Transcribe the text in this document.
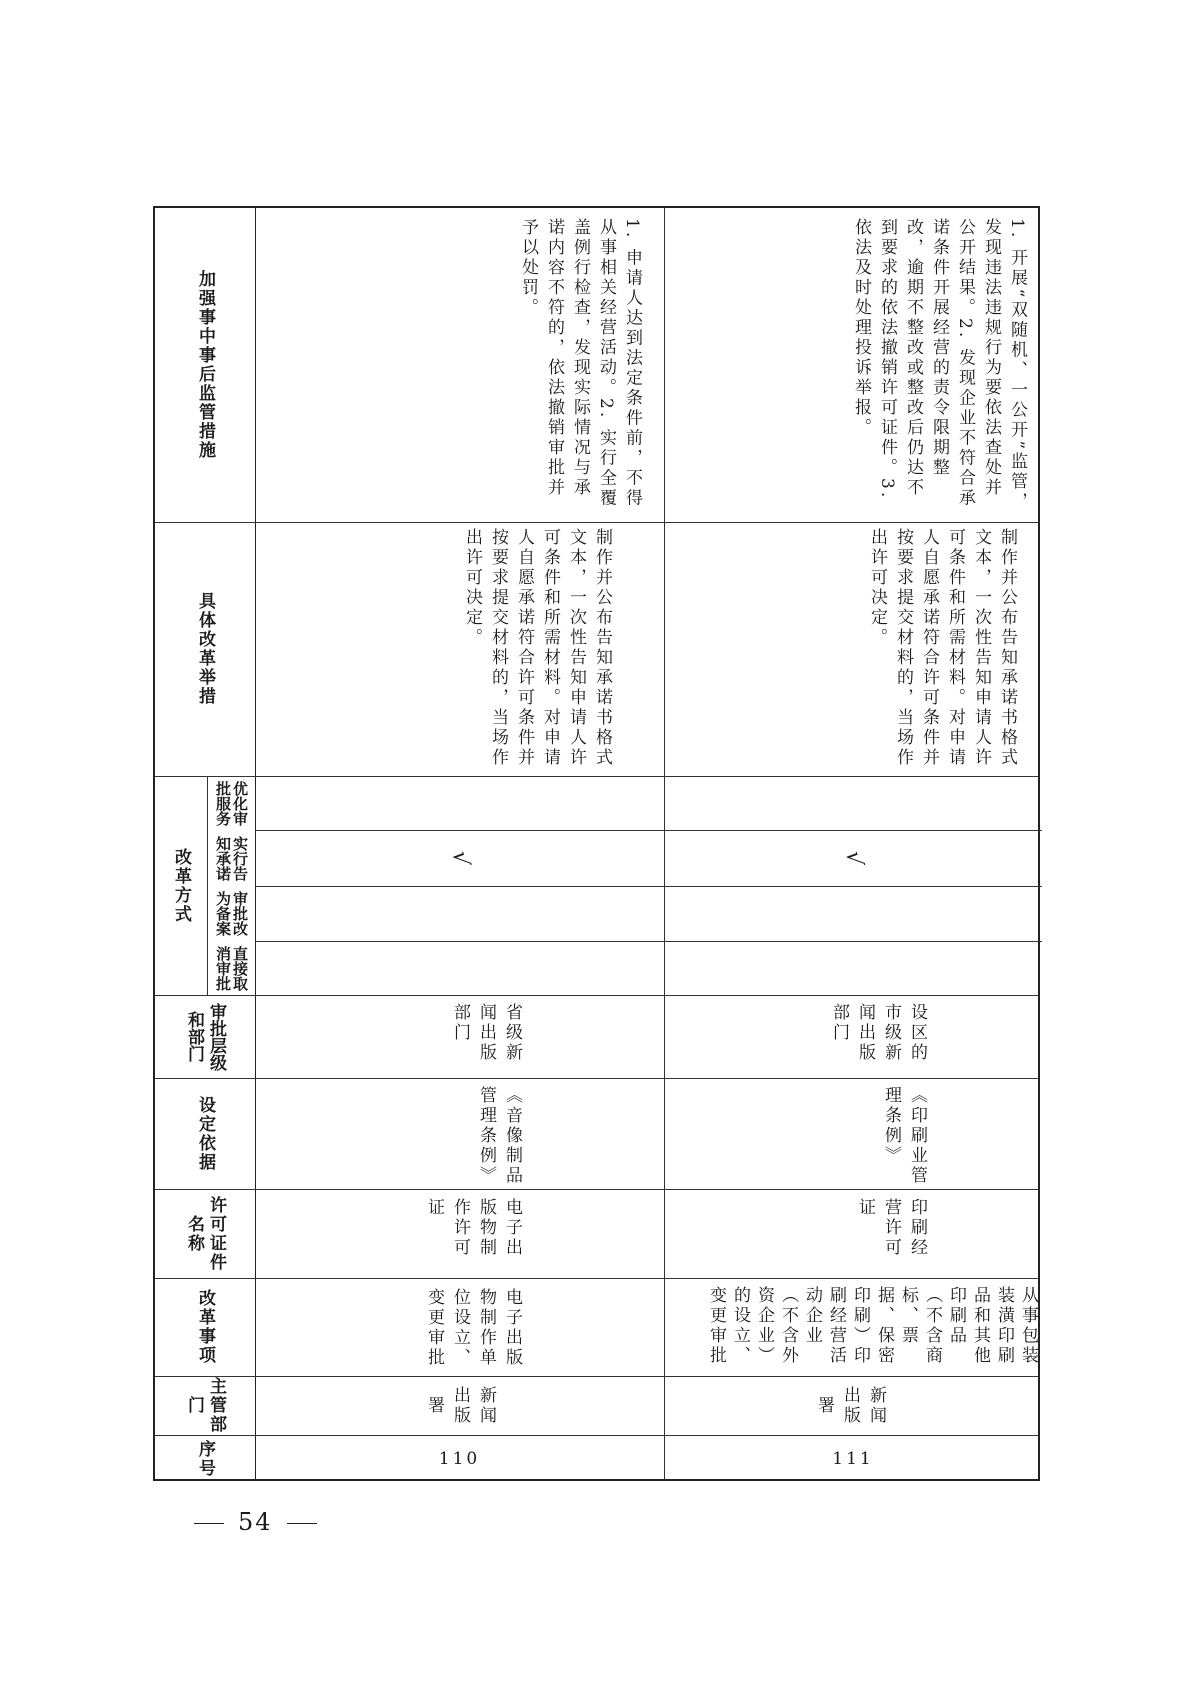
加强事中事后监管措施
具体改革举措
改革方式
优化审批服务
实行告知承诺
审批改为备案
直接取消审批
审批层级和部门
设定依据
许可证件名称
改革事项
主管部门
序号
1. 申请人达到法定条件前，不得从事相关经营活动。2. 实行全覆盖例行检查，发现实际情况与承诺内容不符的，依法撤销审批并予以处罚。
制作并公布告知承诺书格式文本，一次性告知申请人许可条件和所需材料。对申请人自愿承诺符合许可条件并按要求提交材料的，当场作出许可决定。
√
省级新闻出版部门
《音像制品管理条例》
电子出版物制作许可证
电子出版物制作单位设立、变更审批
新闻出版署
110
1. 开展“双随机、一公开”监管，发现违法违规行为要依法查处并公开结果。2. 发现企业不符合承诺条件开展经营的责令限期整改，逾期不整改或整改后仍达不到要求的依法撤销许可证件。3. 依法及时处理投诉举报。
制作并公布告知承诺书格式文本，一次性告知申请人许可条件和所需材料。对申请人自愿承诺符合许可条件并按要求提交材料的，当场作出许可决定。
√
设区的市级新闻出版部门
《印刷业管理条例》
印刷经营许可证
从事包装装潢印刷品和其他印刷品（不含商标、票据、保密印刷）印刷经营活动企业（不含外资企业）的设立、变更审批
新闻出版署
111
54
